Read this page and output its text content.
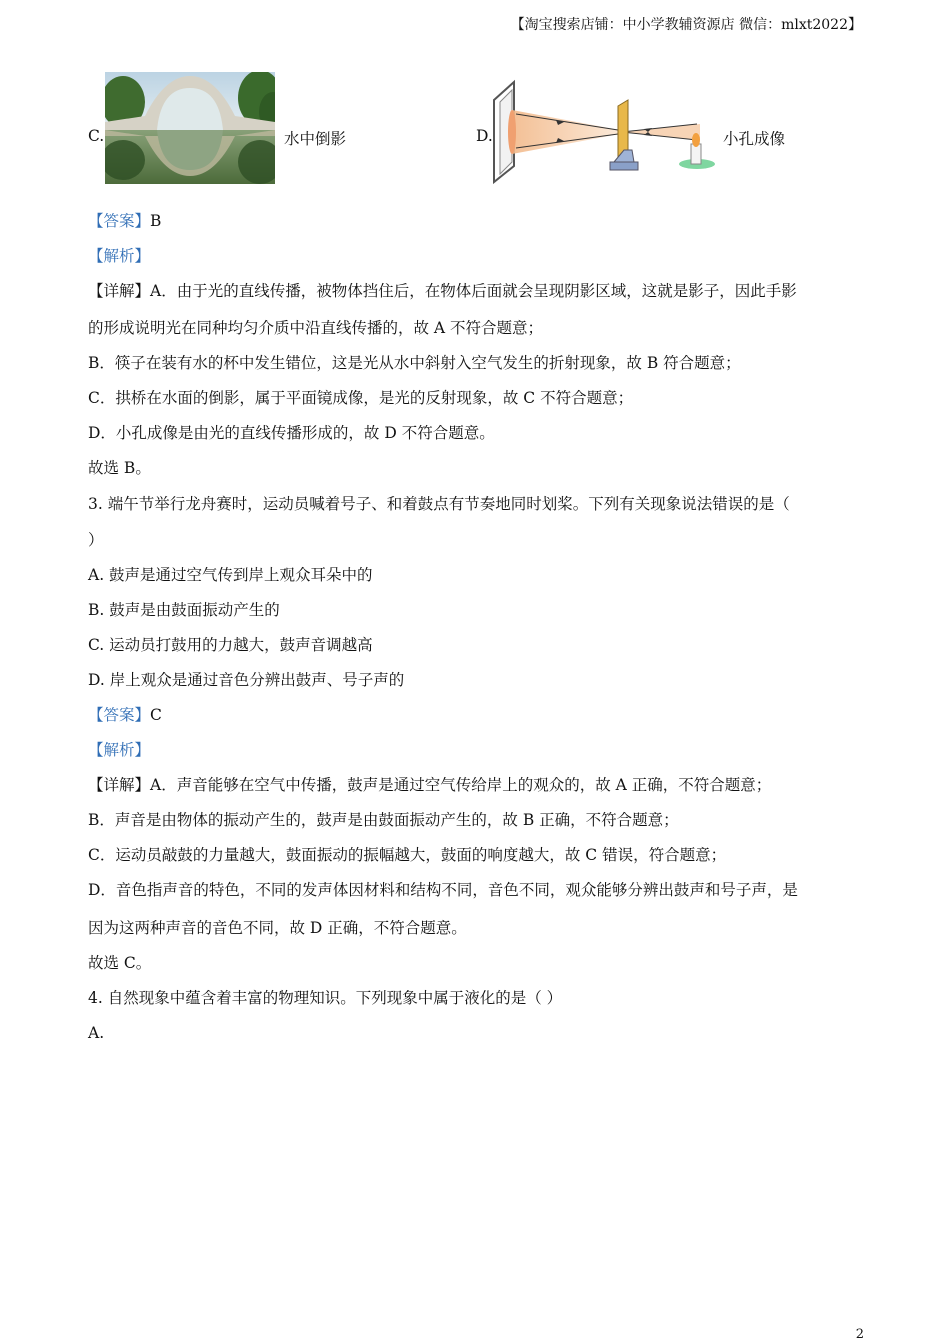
【淘宝搜索店铺：中小学教辅资源店 微信：mlxt2022】
C.	水中倒影	D.	小孔成像
【答案】B
【解析】
【详解】A．由于光的直线传播，被物体挡住后，在物体后面就会呈现阴影区域，这就是影子，因此手影
的形成说明光在同种均匀介质中沿直线传播的，故 A 不符合题意；
B．筷子在装有水的杯中发生错位，这是光从水中斜射入空气发生的折射现象，故 B 符合题意；
C．拱桥在水面的倒影，属于平面镜成像，是光的反射现象，故 C 不符合题意；
D．小孔成像是由光的直线传播形成的，故 D 不符合题意。
故选 B。
3. 端午节举行龙舟赛时，运动员喊着号子、和着鼓点有节奏地同时划桨。下列有关现象说法错误的是（
）
A. 鼓声是通过空气传到岸上观众耳朵中的
B. 鼓声是由鼓面振动产生的
C. 运动员打鼓用的力越大，鼓声音调越高
D. 岸上观众是通过音色分辨出鼓声、号子声的
【答案】C
【解析】
【详解】A．声音能够在空气中传播，鼓声是通过空气传给岸上的观众的，故 A 正确，不符合题意；
B．声音是由物体的振动产生的，鼓声是由鼓面振动产生的，故 B 正确，不符合题意；
C．运动员敲鼓的力量越大，鼓面振动的振幅越大，鼓面的响度越大，故 C 错误，符合题意；
D．音色指声音的特色，不同的发声体因材料和结构不同，音色不同，观众能够分辨出鼓声和号子声，是
因为这两种声音的音色不同，故 D 正确，不符合题意。
故选 C。
4. 自然现象中蕴含着丰富的物理知识。下列现象中属于液化的是（ ）
A.
2
